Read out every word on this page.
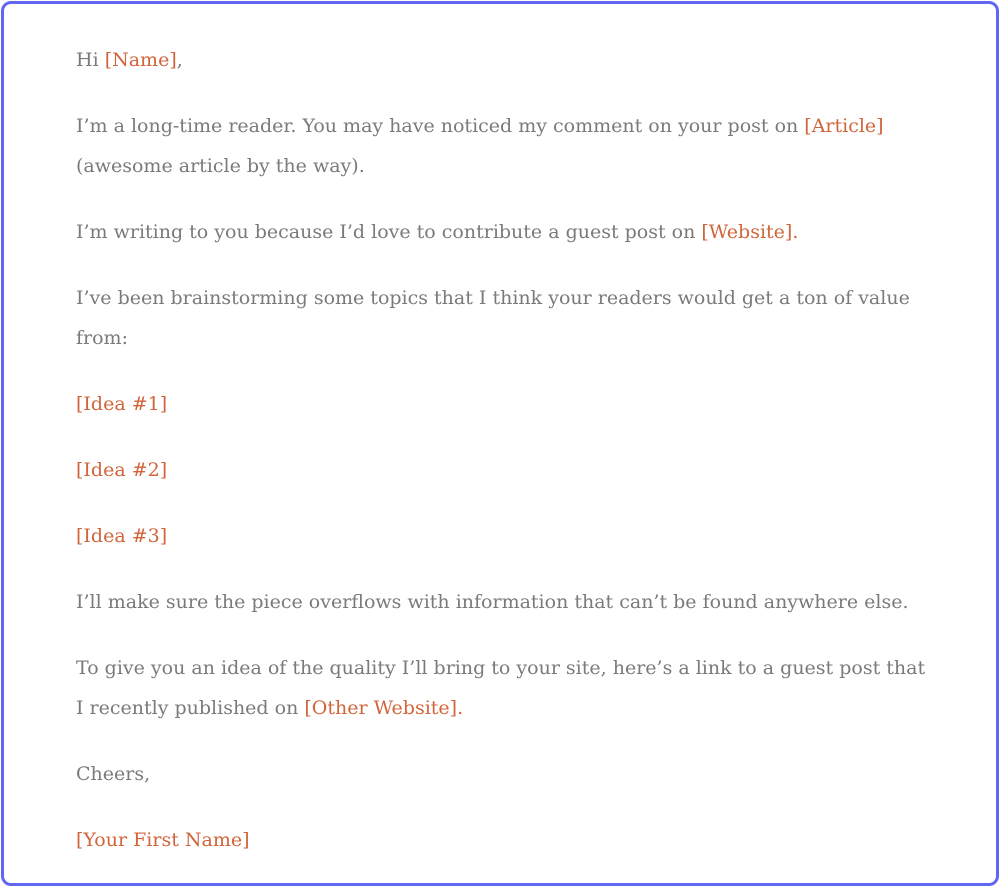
Hi [Name],

I’m a long-time reader. You may have noticed my comment on your post on [Article] (awesome article by the way).

I’m writing to you because I’d love to contribute a guest post on [Website].

I’ve been brainstorming some topics that I think your readers would get a ton of value from:

[Idea #1]

[Idea #2]

[Idea #3]

I’ll make sure the piece overflows with information that can’t be found anywhere else.

To give you an idea of the quality I’ll bring to your site, here’s a link to a guest post that I recently published on [Other Website].

Cheers,

[Your First Name]
